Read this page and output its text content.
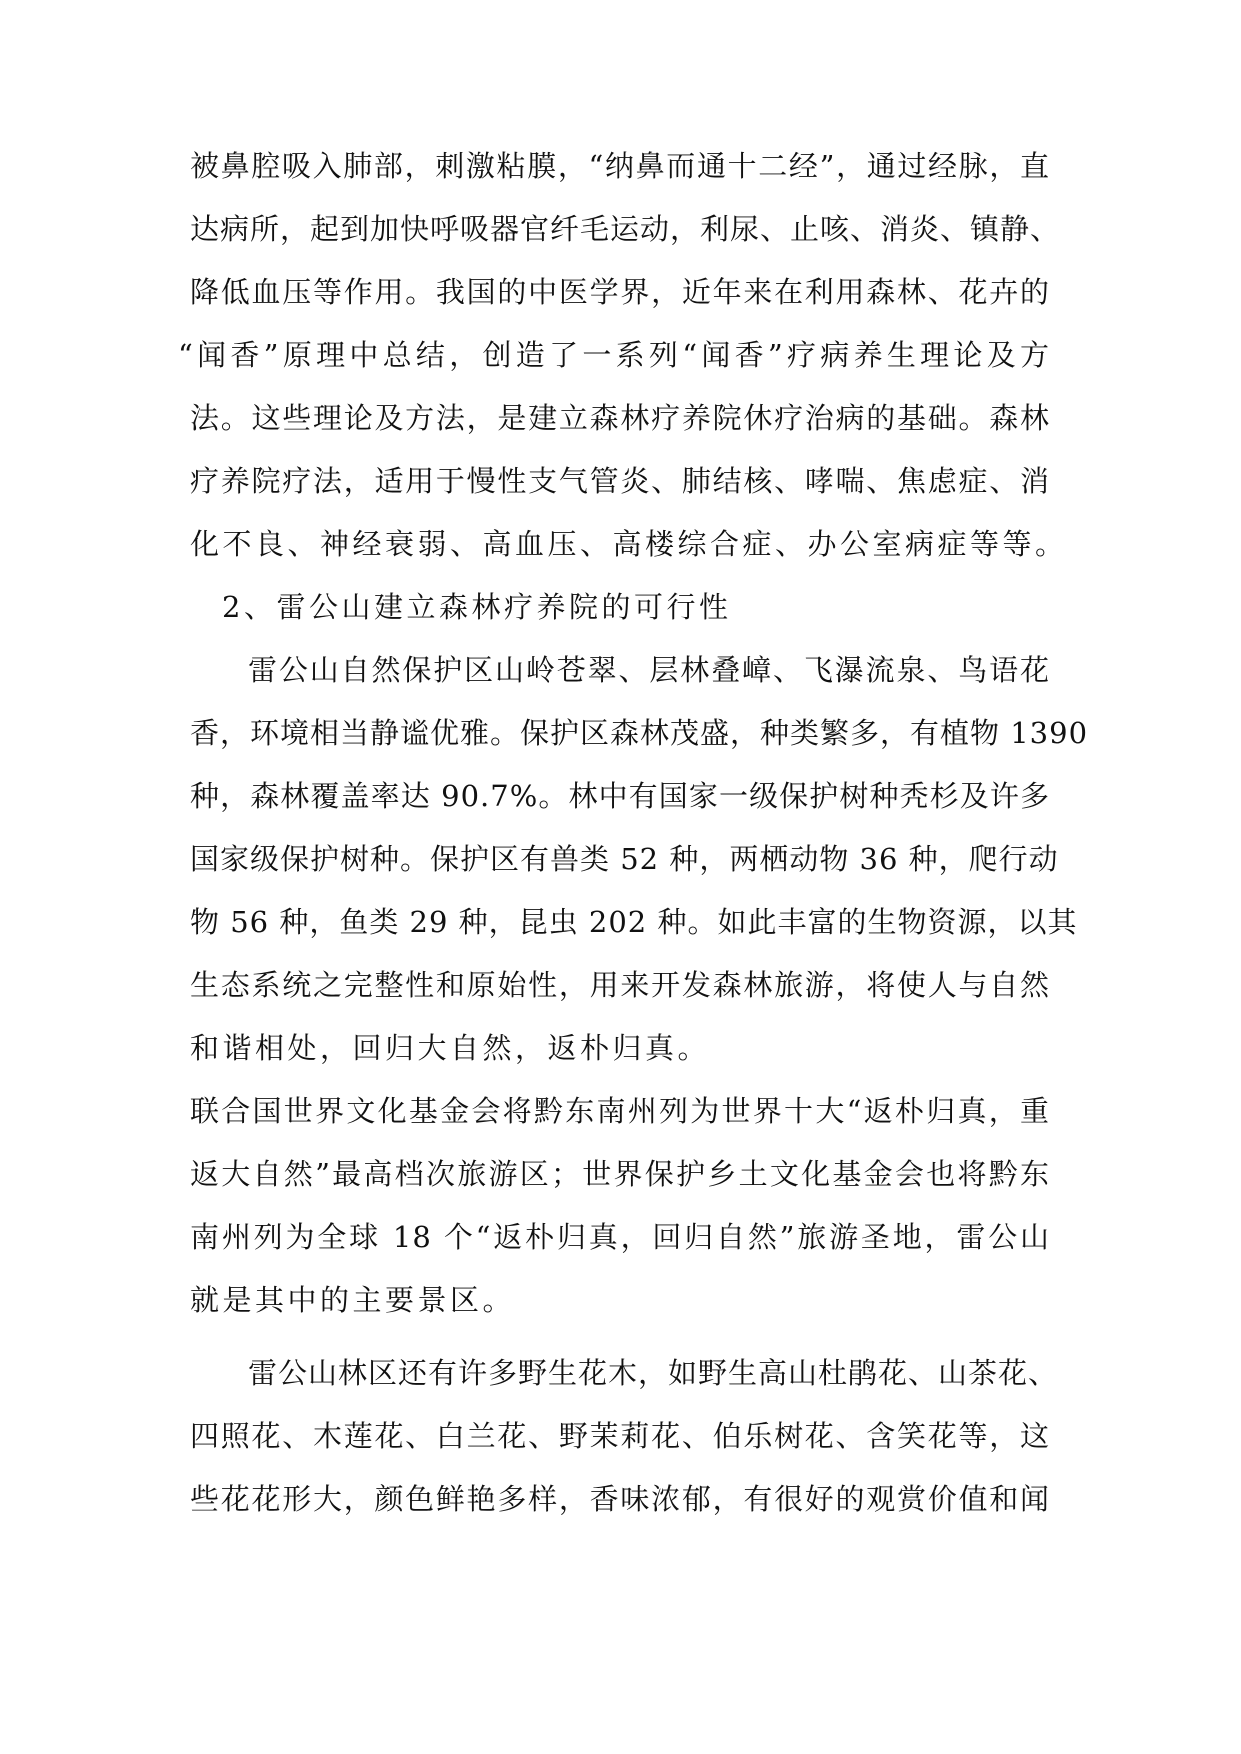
被鼻腔吸入肺部，刺激粘膜，“纳鼻而通十二经”，通过经脉，直
达病所，起到加快呼吸器官纤毛运动，利尿、止咳、消炎、镇静、
降低血压等作用。我国的中医学界，近年来在利用森林、花卉的
“闻香”原理中总结，创造了一系列“闻香”疗病养生理论及方
法。这些理论及方法，是建立森林疗养院休疗治病的基础。森林
疗养院疗法，适用于慢性支气管炎、肺结核、哮喘、焦虑症、消
化不良、神经衰弱、高血压、高楼综合症、办公室病症等等。
2、雷公山建立森林疗养院的可行性
雷公山自然保护区山岭苍翠、层林叠嶂、飞瀑流泉、鸟语花
香，环境相当静谧优雅。保护区森林茂盛，种类繁多，有植物 1390
种，森林覆盖率达 90.7%。林中有国家一级保护树种秃杉及许多
国家级保护树种。保护区有兽类 52 种，两栖动物 36 种，爬行动
物 56 种，鱼类 29 种，昆虫 202 种。如此丰富的生物资源，以其
生态系统之完整性和原始性，用来开发森林旅游，将使人与自然
和谐相处，回归大自然，返朴归真。
联合国世界文化基金会将黔东南州列为世界十大“返朴归真，重
返大自然”最高档次旅游区；世界保护乡土文化基金会也将黔东
南州列为全球 18 个“返朴归真，回归自然”旅游圣地，雷公山
就是其中的主要景区。
雷公山林区还有许多野生花木，如野生高山杜鹃花、山茶花、
四照花、木莲花、白兰花、野茉莉花、伯乐树花、含笑花等，这
些花花形大，颜色鲜艳多样，香味浓郁，有很好的观赏价值和闻
